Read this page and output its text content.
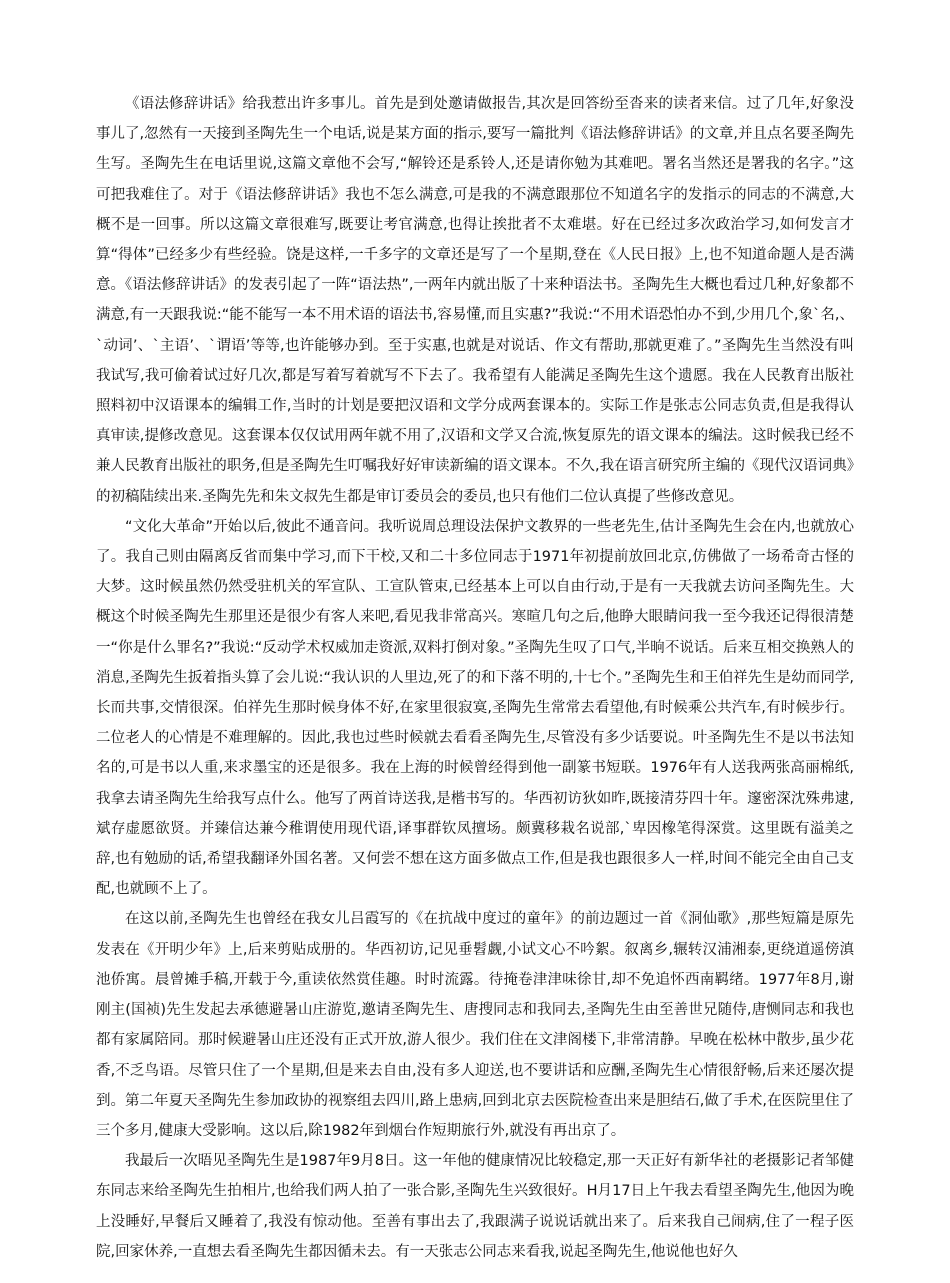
《语法修辞讲话》给我惹出许多事儿。首先是到处邀请做报告,其次是回答纷至沓来的读者来信。过了几年,好象没事儿了,忽然有一天接到圣陶先生一个电话,说是某方面的指示,要写一篇批判《语法修辞讲话》的文章,并且点名要圣陶先生写。圣陶先生在电话里说,这篇文章他不会写,“解铃还是系铃人,还是请你勉为其难吧。署名当然还是署我的名字。”这可把我难住了。对于《语法修辞讲话》我也不怎么满意,可是我的不满意跟那位不知道名字的发指示的同志的不满意,大概不是一回事。所以这篇文章很难写,既要让考官满意,也得让挨批者不太难堪。好在已经过多次政治学习,如何发言才算“得体”已经多少有些经验。饶是这样,一千多字的文章还是写了一个星期,登在《人民日报》上,也不知道命题人是否满意。《语法修辞讲话》的发表引起了一阵“语法热”,一两年内就出版了十来种语法书。圣陶先生大概也看过几种,好象都不满意,有一天跟我说:“能不能写一本不用术语的语法书,容易懂,而且实惠?”我说:“不用术语恐怕办不到,少用几个,象`名,、`动词’、`主语’、`谓语’等等,也许能够办到。至于实惠,也就是对说话、作文有帮助,那就更难了。”圣陶先生当然没有叫我试写,我可偷着试过好几次,都是写着写着就写不下去了。我希望有人能满足圣陶先生这个遗愿。我在人民教育出版社照料初中汉语课本的编辑工作,当时的计划是要把汉语和文学分成两套课本的。实际工作是张志公同志负责,但是我得认真审读,提修改意见。这套课本仅仅试用两年就不用了,汉语和文学又合流,恢复原先的语文课本的编法。这时候我已经不兼人民教育出版社的职务,但是圣陶先生叮嘱我好好审读新编的语文课本。不久,我在语言研究所主编的《现代汉语词典》的初稿陆续出来.圣陶先先和朱文叔先生都是审订委员会的委员,也只有他们二位认真提了些修改意见。

“文化大革命”开始以后,彼此不通音问。我听说周总理设法保护文教界的一些老先生,估计圣陶先生会在内,也就放心了。我自己则由隔离反省而集中学习,而下干校,又和二十多位同志于1971年初提前放回北京,仿佛做了一场希奇古怪的大梦。这时候虽然仍然受驻机关的军宣队、工宣队管束,已经基本上可以自由行动,于是有一天我就去访问圣陶先生。大概这个时候圣陶先生那里还是很少有客人来吧,看见我非常高兴。寒暄几句之后,他睁大眼睛问我一至今我还记得很清楚一“你是什么罪名?”我说:“反动学术权威加走资派,双料打倒对象。”圣陶先生叹了口气,半晌不说话。后来互相交换熟人的消息,圣陶先生扳着指头算了会儿说:“我认识的人里边,死了的和下落不明的,十七个。”圣陶先生和王伯祥先生是幼而同学,长而共事,交情很深。伯祥先生那时候身体不好,在家里很寂寞,圣陶先生常常去看望他,有时候乘公共汽车,有时候步行。二位老人的心情是不难理解的。因此,我也过些时候就去看看圣陶先生,尽管没有多少话要说。叶圣陶先生不是以书法知名的,可是书以人重,来求墨宝的还是很多。我在上海的时候曾经得到他一副篆书短联。1976年有人送我两张高丽棉纸,我拿去请圣陶先生给我写点什么。他写了两首诗送我,是楷书写的。华西初访狄如昨,既接清芬四十年。邃密深沈殊弗逮,斌存虚愿欲贤。并臻信达兼今稚谓使用现代语,译事群钦凤擅场。颇冀移栽名说部,`卑因橡笔得深赏。这里既有溢美之辞,也有勉励的话,希望我翻译外国名著。又何尝不想在这方面多做点工作,但是我也跟很多人一样,时间不能完全由自己支配,也就顾不上了。

在这以前,圣陶先生也曾经在我女儿吕霞写的《在抗战中度过的童年》的前边题过一首《洞仙歌》,那些短篇是原先发表在《开明少年》上,后来剪贴成册的。华西初访,记见垂髫觑,小试文心不吟絮。叙离乡,辗转汉浦湘泰,更绕道遥傍滇池侨寓。晨曾摊手稿,开载于今,重读依然赏佳趣。时时流露。待掩卷津津味徐甘,却不免追怀西南羁绪。1977年8月,谢刚主(国祯)先生发起去承德避暑山庄游览,邀请圣陶先生、唐搜同志和我同去,圣陶先生由至善世兄随侍,唐恻同志和我也都有家属陪同。那时候避暑山庄还没有正式开放,游人很少。我们住在文津阁楼下,非常清静。早晚在松林中散步,虽少花香,不乏鸟语。尽管只住了一个星期,但是来去自由,没有多人迎送,也不要讲话和应酬,圣陶先生心情很舒畅,后来还屡次提到。第二年夏天圣陶先生参加政协的视察组去四川,路上患病,回到北京去医院检查出来是胆结石,做了手术,在医院里住了三个多月,健康大受影响。这以后,除1982年到烟台作短期旅行外,就没有再出京了。

我最后一次晤见圣陶先生是1987年9月8日。这一年他的健康情况比较稳定,那一天正好有新华社的老摄影记者邹健东同志来给圣陶先生拍相片,也给我们两人拍了一张合影,圣陶先生兴致很好。H月17日上午我去看望圣陶先生,他因为晚上没睡好,早餐后又睡着了,我没有惊动他。至善有事出去了,我跟满子说说话就出来了。后来我自己闹病,住了一程子医院,回家休养,一直想去看圣陶先生都因循未去。有一天张志公同志来看我,说起圣陶先生,他说他也好久
